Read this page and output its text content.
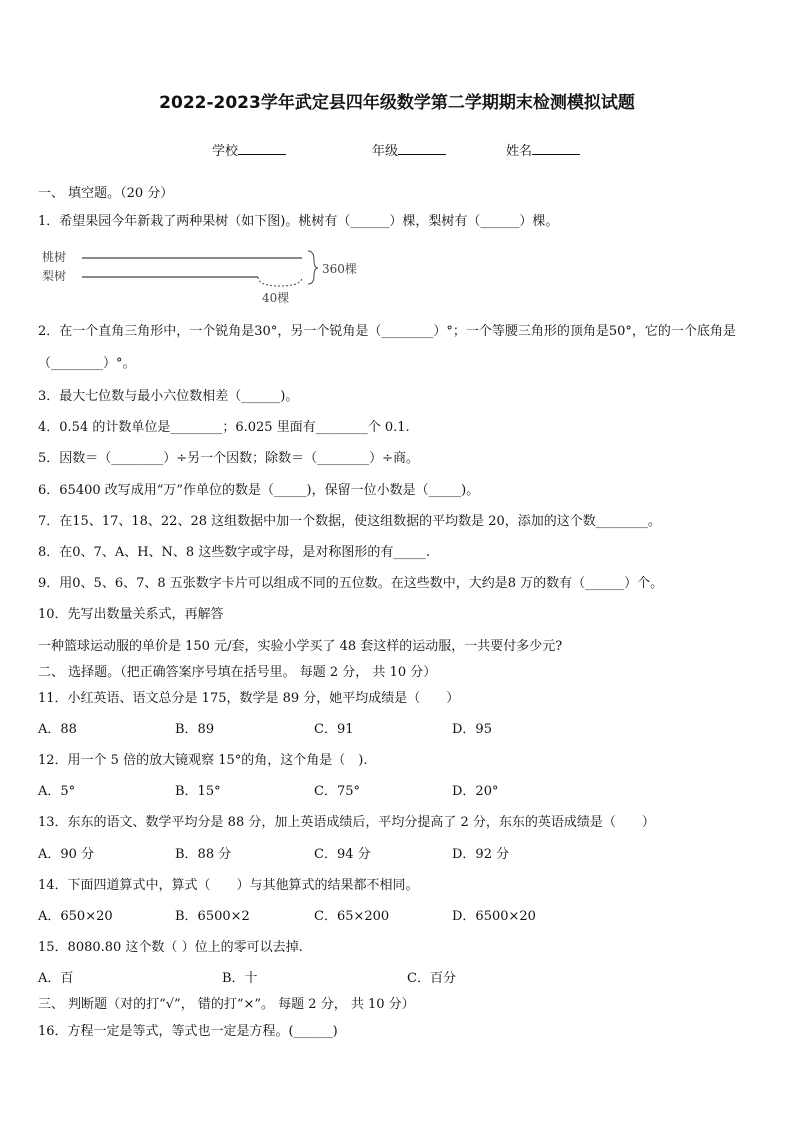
2022-2023学年武定县四年级数学第二学期期末检测模拟试题
学校	年级	姓名
一、 填空题。（20 分）
1．希望果园今年新栽了两种果树（如下图)。桃树有（______）棵，梨树有（______）棵。
桃树
梨树	360棵
40棵
2．在一个直角三角形中，一个锐角是30°，另一个锐角是（________）°；一个等腰三角形的顶角是50°，它的一个底角是（________）°。
3．最大七位数与最小六位数相差（______)。
4．0.54 的计数单位是________；6.025 里面有________个 0.1.
5．因数＝（________）÷另一个因数；除数＝（________）÷商。
6．65400 改写成用“万”作单位的数是（_____)，保留一位小数是（_____)。
7．在15、17、18、22、28 这组数据中加一个数据，使这组数据的平均数是 20，添加的这个数________。
8．在0、7、A、H、N、8 这些数字或字母，是对称图形的有_____.
9．用0、5、6、7、8 五张数字卡片可以组成不同的五位数。在这些数中，大约是8 万的数有（______）个。
10．先写出数量关系式，再解答
一种篮球运动服的单价是 150 元/套，实验小学买了 48 套这样的运动服，一共要付多少元?
二、 选择题。（把正确答案序号填在括号里。 每题 2 分， 共 10 分）
11．小红英语、语文总分是 175，数学是 89 分，她平均成绩是（　　）
A．88	B．89	C．91	D．95
12．用一个 5 倍的放大镜观察 15°的角，这个角是（　).
A．5°	B．15°	C．75°	D．20°
13．东东的语文、数学平均分是 88 分，加上英语成绩后，平均分提高了 2 分，东东的英语成绩是（　　）
A．90 分	B．88 分	C．94 分	D．92 分
14．下面四道算式中，算式（　　）与其他算式的结果都不相同。
A．650×20	B．6500×2	C．65×200	D．6500×20
15．8080.80 这个数（ ）位上的零可以去掉.
A．百	B．十	C．百分
三、 判断题（对的打“√”， 错的打“×”。 每题 2 分， 共 10 分）
16．方程一定是等式，等式也一定是方程。(______)
